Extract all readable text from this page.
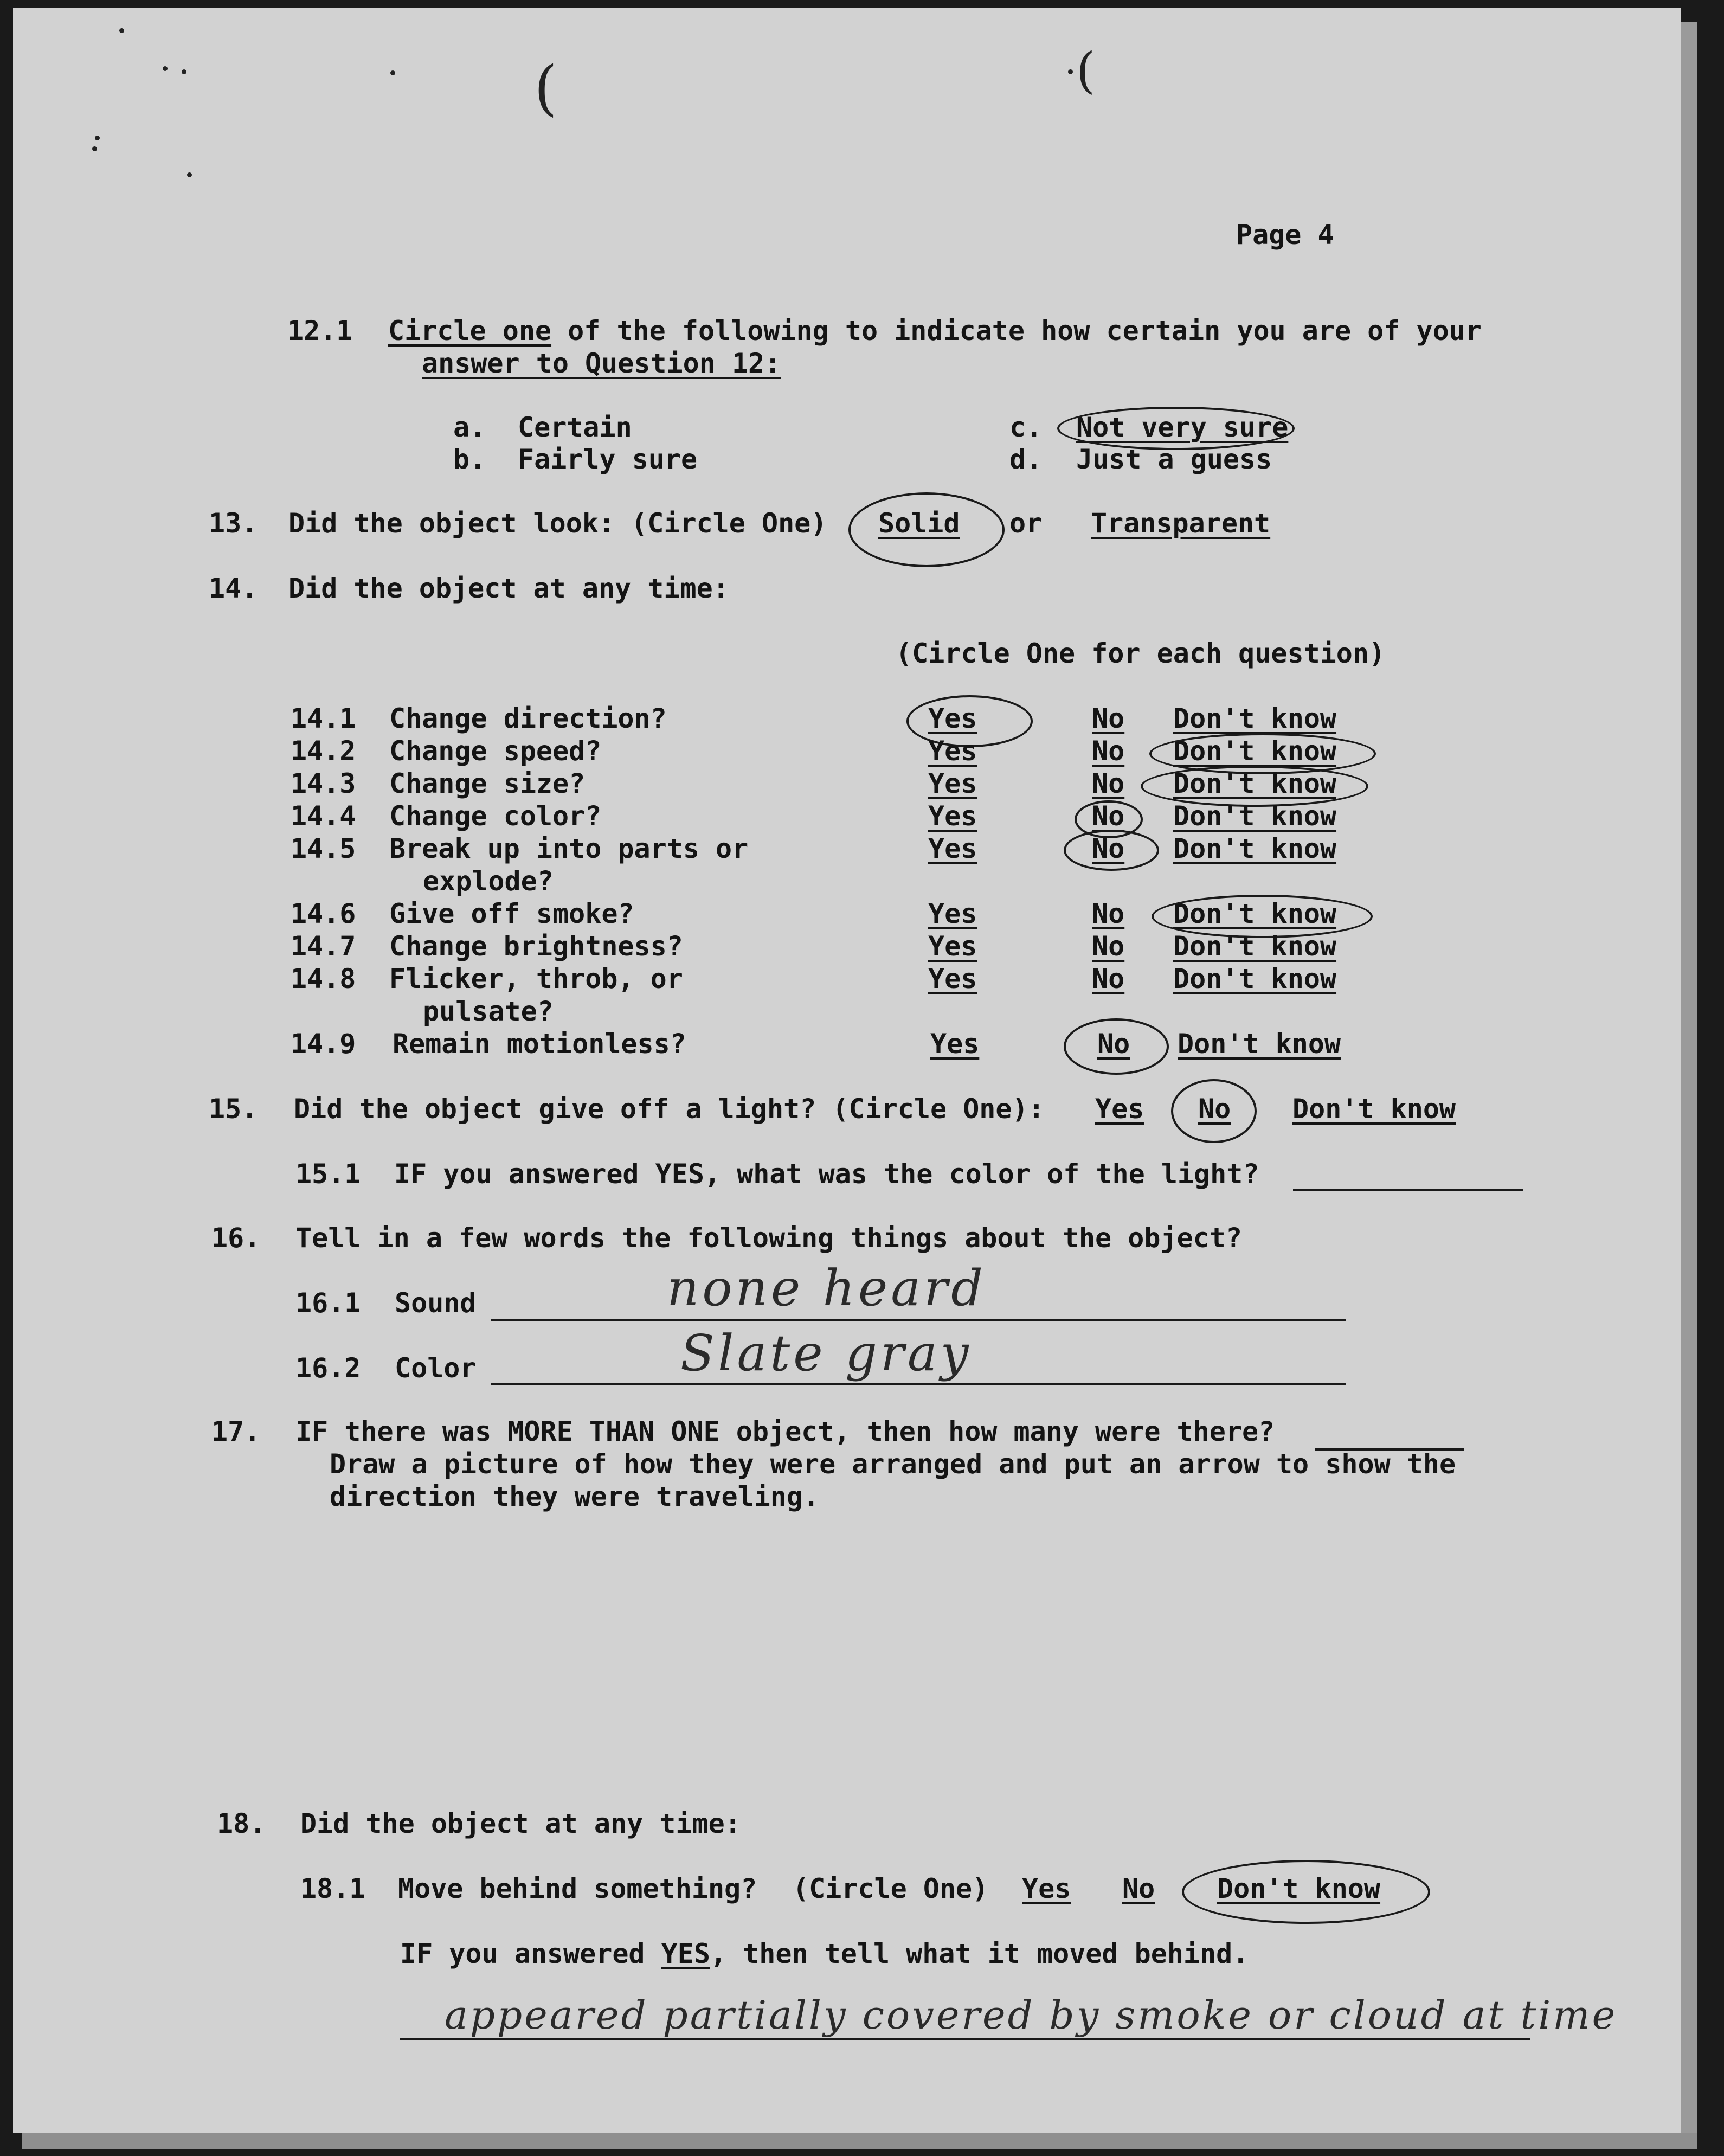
(	(
Page 4
12.1 Circle one of the following to indicate how certain you are of your
answer to Question 12:
a. Certain
b. Fairly sure
c. Not very sure
d. Just a guess
13. Did the object look: (Circle One) Solid or Transparent
14. Did the object at any time:
(Circle One for each question)
14.1 Change direction?	Yes	No Don't know
14.2 Change speed?	Yes	No Don't know
14.3 Change size?	Yes	No Don't know
14.4 Change color?	Yes	No Don't know
14.5 Break up into parts or
explode?
Yes	No Don't know
14.6 Give off smoke?	Yes	No Don't know
14.7 Change brightness?	Yes	No Don't know
14.8 Flicker, throb, or
pulsate?
Yes	No Don't know
14.9 Remain motionless?	Yes	No Don't know
15. Did the object give off a light? (Circle One): Yes No Don't know
15.1 IF you answered YES, what was the color of the light?
16. Tell in a few words the following things about the object?
16.1 Sound	none heard
16.2 Color	Slate gray
17. IF there was MORE THAN ONE object, then how many were there?
Draw a picture of how they were arranged and put an arrow to show the
direction they were traveling.
18. Did the object at any time:
18.1 Move behind something? (Circle One) Yes No Don't know
IF you answered YES, then tell what it moved behind.
appeared partially covered by smoke or cloud at time
